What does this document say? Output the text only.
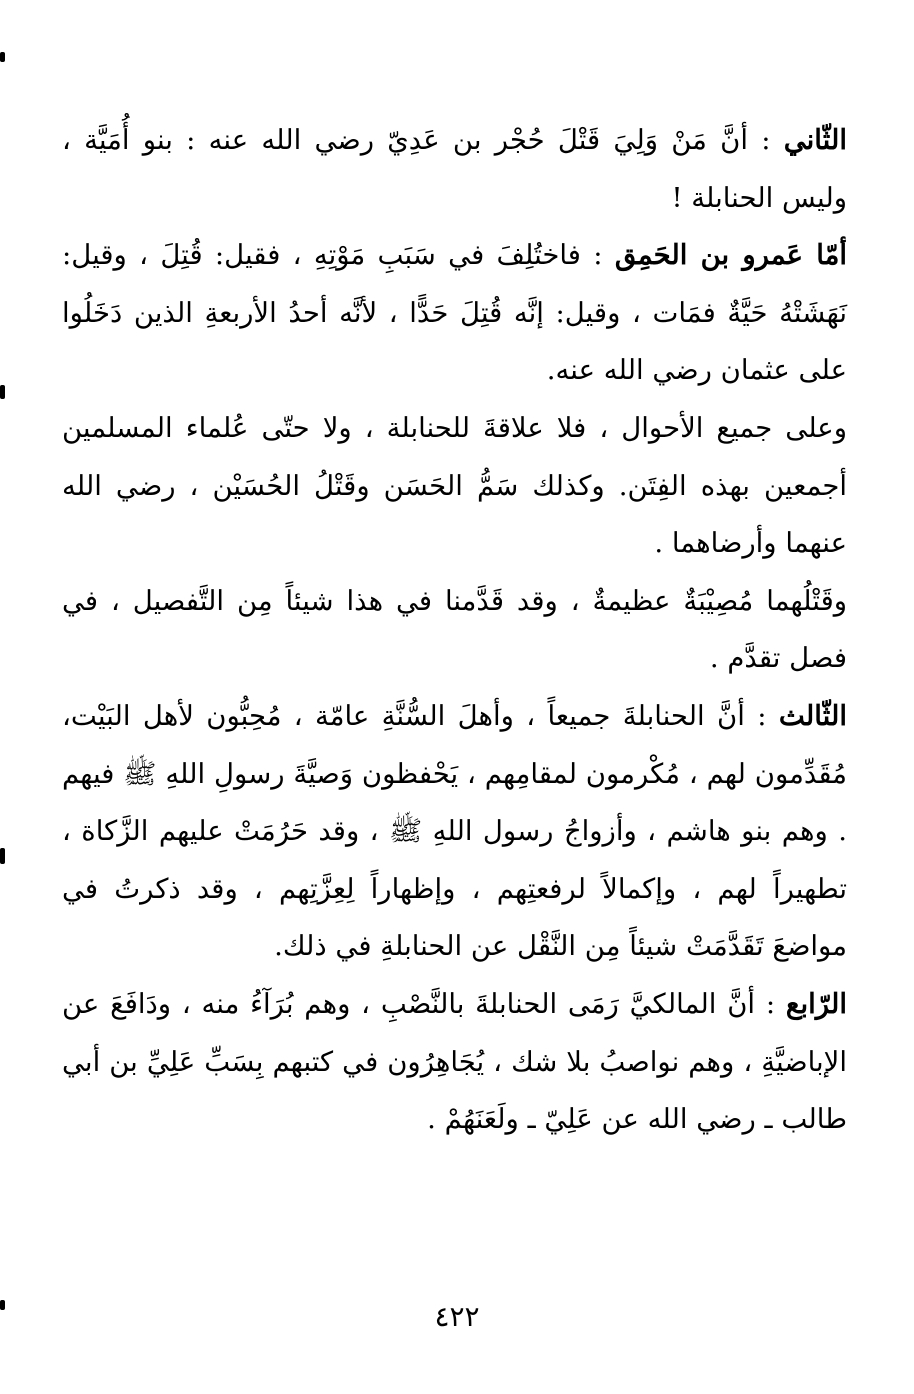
الثّاني : أنَّ مَنْ وَلِيَ قَتْلَ حُجْر بن عَدِيّ رضي الله عنه : بنو أُمَيَّة ، وليس الحنابلة !

أمّا عَمرو بن الحَمِق : فاختُلِفَ في سَبَبِ مَوْتِهِ ، فقيل: قُتِلَ ، وقيل: نَهَشَتْهُ حَيَّةٌ فمَات ، وقيل: إنَّه قُتِلَ حَدًّا ، لأنَّه أحدُ الأربعةِ الذين دَخَلُوا على عثمان رضي الله عنه.

وعلى جميع الأحوال ، فلا علاقةَ للحنابلة ، ولا حتّى عُلماء المسلمين أجمعين بهذه الفِتَن. وكذلك سَمُّ الحَسَن وقَتْلُ الحُسَيْن ، رضي الله عنهما وأرضاهما .

وقَتْلُهما مُصِيْبَةٌ عظيمةٌ ، وقد قَدَّمنا في هذا شيئاً مِن التَّفصيل ، في فصل تقدَّم .

الثّالث : أنَّ الحنابلةَ جميعاً ، وأهلَ السُّنَّةِ عامّة ، مُحِبُّون لأهل البَيْت، مُقَدِّمون لهم ، مُكْرمون لمقامِهم ، يَحْفظون وَصيَّةَ رسولِ اللهِ ﷺ فيهم . وهم بنو هاشم ، وأزواجُ رسول اللهِ ﷺ ، وقد حَرُمَتْ عليهم الزَّكاة ، تطهيراً لهم ، وإكمالاً لرفعتِهم ، وإظهاراً لِعِزَّتِهم ، وقد ذكرتُ في مواضعَ تَقَدَّمَتْ شيئاً مِن النَّقْل عن الحنابلةِ في ذلك.

الرّابع : أنَّ المالكيَّ رَمَى الحنابلةَ بالنَّصْبِ ، وهم بُرَآءُ منه ، ودَافَعَ عن الإباضيَّةِ ، وهم نواصبُ بلا شك ، يُجَاهِرُون في كتبهم بِسَبِّ عَلِيِّ بن أبي طالب ـ رضي الله عن عَلِيّ ـ ولَعَنَهُمْ .

٤٢٢
